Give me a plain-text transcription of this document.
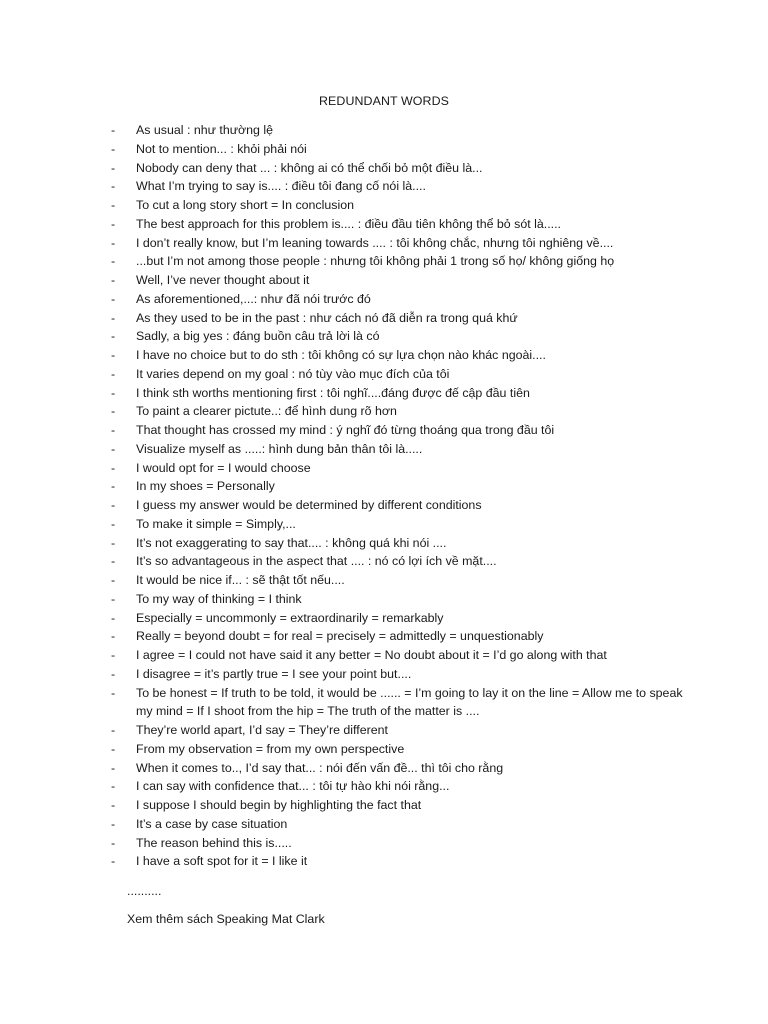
REDUNDANT WORDS
- As usual : như thường lệ
- Not to mention... : khỏi phải nói
- Nobody can deny that ... : không ai có thể chối bỏ một điều là...
- What I’m trying to say is.... : điều tôi đang cố nói là....
- To cut a long story short = In conclusion
- The best approach for this problem is.... : điều đầu tiên không thể bỏ sót là.....
- I don’t really know, but I’m leaning towards .... : tôi không chắc, nhưng tôi nghiêng về....
- ...but I’m not among those people : nhưng tôi không phải 1 trong số họ/ không giống họ
- Well, I’ve never thought about it
- As aforementioned,...: như đã nói trước đó
- As they used to be in the past : như cách nó đã diễn ra trong quá khứ
- Sadly, a big yes : đáng buồn câu trả lời là có
- I have no choice but to do sth : tôi không có sự lựa chọn nào khác ngoài....
- It varies depend on my goal : nó tùy vào mục đích của tôi
- I think sth worths mentioning first : tôi nghĩ....đáng được đế cập đầu tiên
- To paint a clearer pictute..: để hình dung rõ hơn
- That thought has crossed my mind : ý nghĩ đó từng thoáng qua trong đầu tôi
- Visualize myself as .....: hình dung bản thân tôi là.....
- I would opt for = I would choose
- In my shoes = Personally
- I guess my answer would be determined by different conditions
- To make it simple = Simply,...
- It’s not exaggerating to say that.... : không quá khi nói ....
- It’s so advantageous in the aspect that .... : nó có lợi ích về mặt....
- It would be nice if... : sẽ thật tốt nếu....
- To my way of thinking = I think
- Especially = uncommonly = extraordinarily = remarkably
- Really = beyond doubt = for real = precisely = admittedly = unquestionably
- I agree = I could not have said it any better = No doubt about it = I’d go along with that
- I disagree = it’s partly true = I see your point but....
- To be honest = If truth to be told, it would be ...... = I’m going to lay it on the line = Allow me to speak my mind = If I shoot from the hip = The truth of the matter is ....
- They’re world apart, I’d say = They’re different
- From my observation = from my own perspective
- When it comes to.., I’d say that... : nói đến vấn đề... thì tôi cho rằng
- I can say with confidence that... : tôi tự hào khi nói rằng...
- I suppose I should begin by highlighting the fact that
- It’s a case by case situation
- The reason behind this is.....
- I have a soft spot for it = I like it
..........
Xem thêm sách Speaking Mat Clark
